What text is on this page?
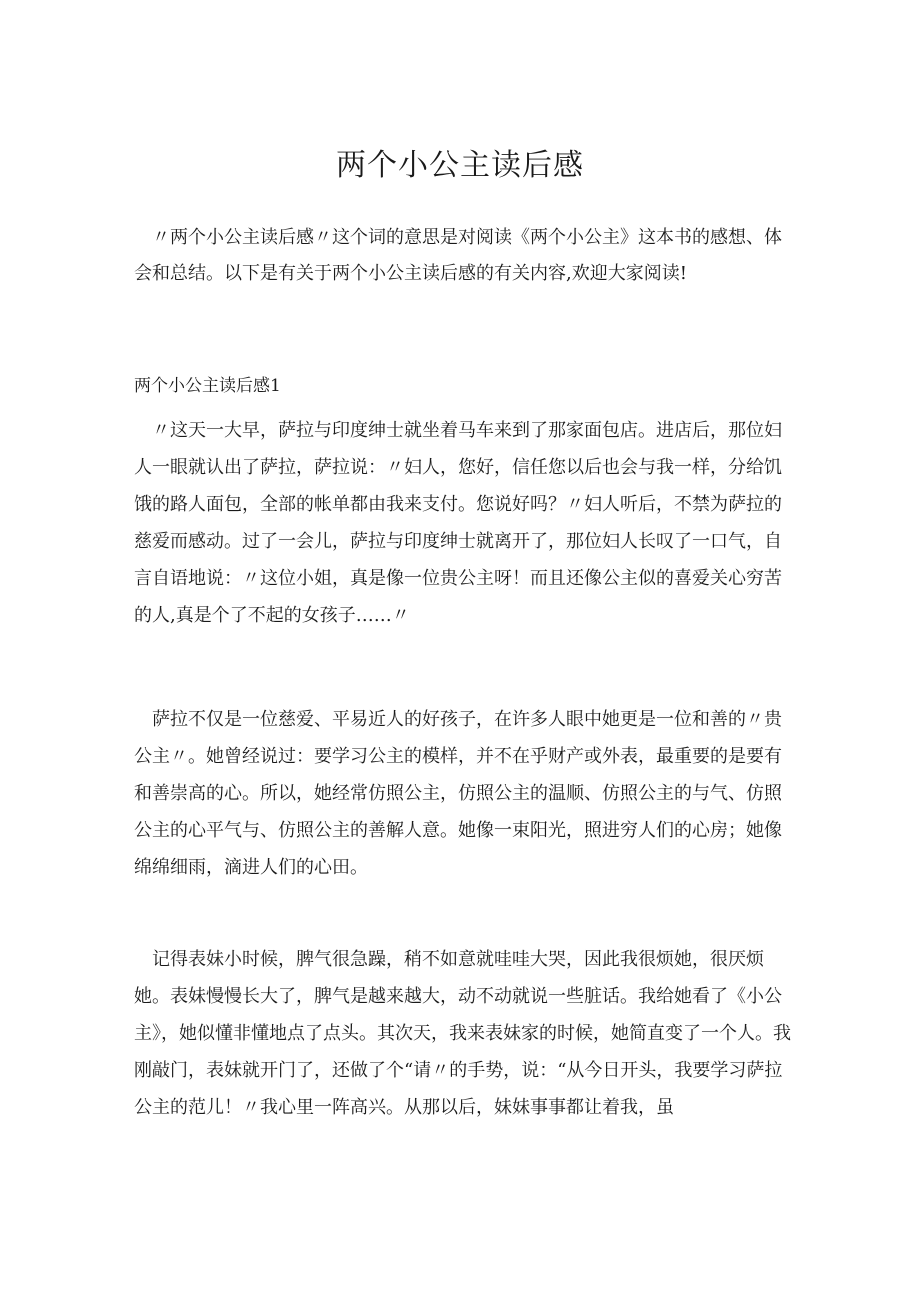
两个小公主读后感

〃两个小公主读后感〃这个词的意思是对阅读《两个小公主》这本书的感想、体会和总结。以下是有关于两个小公主读后感的有关内容,欢迎大家阅读!

两个小公主读后感1

〃这天一大早，萨拉与印度绅士就坐着马车来到了那家面包店。进店后，那位妇人一眼就认出了萨拉，萨拉说：〃妇人，您好，信任您以后也会与我一样，分给饥饿的路人面包，全部的帐单都由我来支付。您说好吗？〃妇人听后，不禁为萨拉的慈爱而感动。过了一会儿，萨拉与印度绅士就离开了，那位妇人长叹了一口气，自言自语地说：〃这位小姐，真是像一位贵公主呀！而且还像公主似的喜爱关心穷苦的人,真是个了不起的女孩子……〃

萨拉不仅是一位慈爱、平易近人的好孩子，在许多人眼中她更是一位和善的〃贵公主〃。她曾经说过：要学习公主的模样，并不在乎财产或外表，最重要的是要有和善崇高的心。所以，她经常仿照公主，仿照公主的温顺、仿照公主的与气、仿照公主的心平气与、仿照公主的善解人意。她像一束阳光，照进穷人们的心房；她像绵绵细雨，滴进人们的心田。

记得表妹小时候，脾气很急躁，稍不如意就哇哇大哭，因此我很烦她，很厌烦她。表妹慢慢长大了，脾气是越来越大，动不动就说一些脏话。我给她看了《小公主》，她似懂非懂地点了点头。其次天，我来表妹家的时候，她简直变了一个人。我刚敲门，表妹就开门了，还做了个“请〃的手势，说：“从今日开头，我要学习萨拉公主的范儿！〃我心里一阵高兴。从那以后，妹妹事事都让着我，虽
